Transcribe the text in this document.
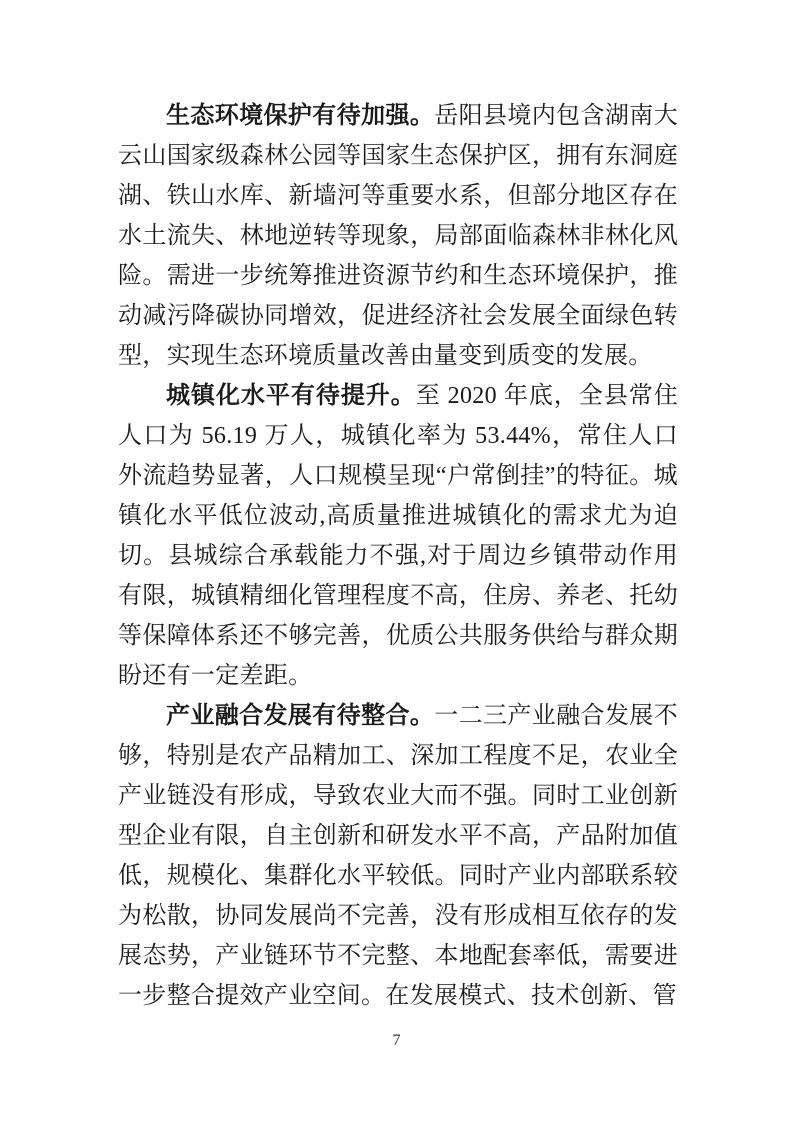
生态环境保护有待加强。岳阳县境内包含湖南大云山国家级森林公园等国家生态保护区，拥有东洞庭湖、铁山水库、新墙河等重要水系，但部分地区存在水土流失、林地逆转等现象，局部面临森林非林化风险。需进一步统筹推进资源节约和生态环境保护，推动减污降碳协同增效，促进经济社会发展全面绿色转型，实现生态环境质量改善由量变到质变的发展。

城镇化水平有待提升。至 2020 年底，全县常住人口为 56.19 万人，城镇化率为 53.44%，常住人口外流趋势显著，人口规模呈现“户常倒挂”的特征。城镇化水平低位波动,高质量推进城镇化的需求尤为迫切。县城综合承载能力不强,对于周边乡镇带动作用有限，城镇精细化管理程度不高，住房、养老、托幼等保障体系还不够完善，优质公共服务供给与群众期盼还有一定差距。

产业融合发展有待整合。一二三产业融合发展不够，特别是农产品精加工、深加工程度不足，农业全产业链没有形成，导致农业大而不强。同时工业创新型企业有限，自主创新和研发水平不高，产品附加值低，规模化、集群化水平较低。同时产业内部联系较为松散，协同发展尚不完善，没有形成相互依存的发展态势，产业链环节不完整、本地配套率低，需要进一步整合提效产业空间。在发展模式、技术创新、管

7
